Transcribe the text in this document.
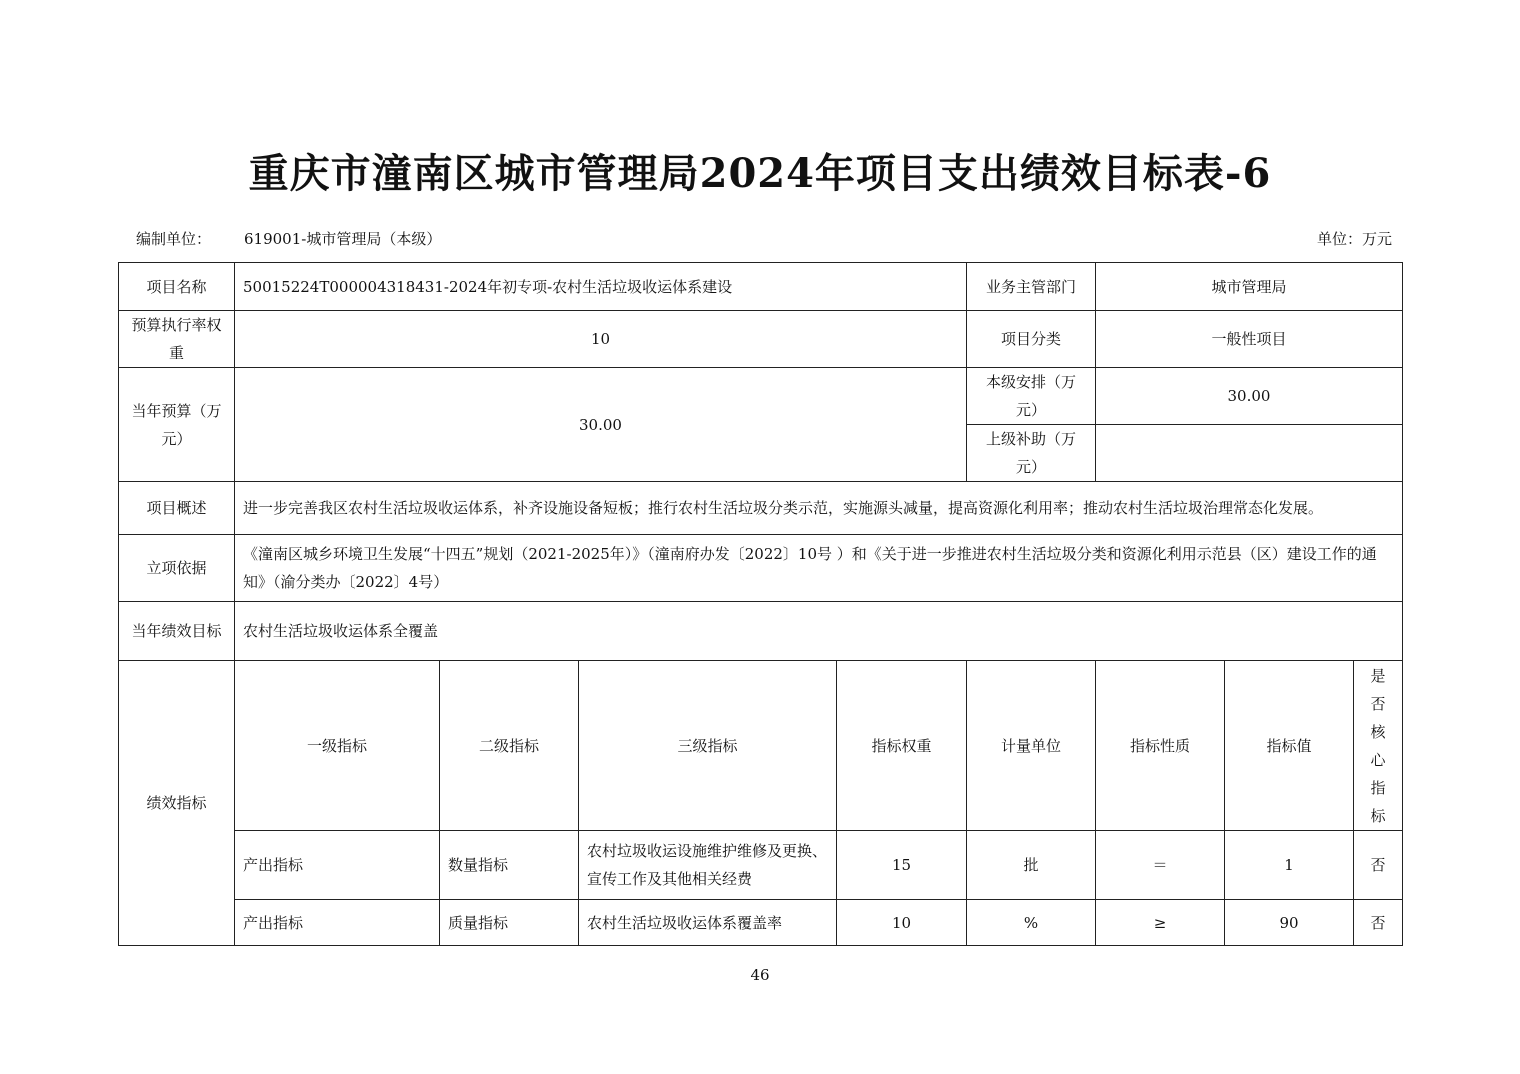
重庆市潼南区城市管理局2024年项目支出绩效目标表-6
编制单位： 619001-城市管理局（本级）	单位：万元
项目名称	50015224T000004318431-2024年初专项-农村生活垃圾收运体系建设				业务主管部门	城市管理局		
预算执行率权重	10				项目分类	一般性项目		
当年预算（万元）	30.00				本级安排（万元）	30.00		
					上级补助（万元）			
项目概述	进一步完善我区农村生活垃圾收运体系，补齐设施设备短板；推行农村生活垃圾分类示范，实施源头减量，提高资源化利用率；推动农村生活垃圾治理常态化发展。							
立项依据	《潼南区城乡环境卫生发展“十四五”规划（2021-2025年）》（潼南府办发〔2022〕10号 ）和《关于进一步推进农村生活垃圾分类和资源化利用示范县（区）建设工作的通知》（渝分类办〔2022〕4号）							
当年绩效目标	农村生活垃圾收运体系全覆盖							
绩效指标	一级指标	二级指标	三级指标	指标权重	计量单位	指标性质	指标值	是否核心指标
	产出指标	数量指标	农村垃圾收运设施维护维修及更换、宣传工作及其他相关经费	15	批	＝	1	否
	产出指标	质量指标	农村生活垃圾收运体系覆盖率	10	%	≥	90	否
46
